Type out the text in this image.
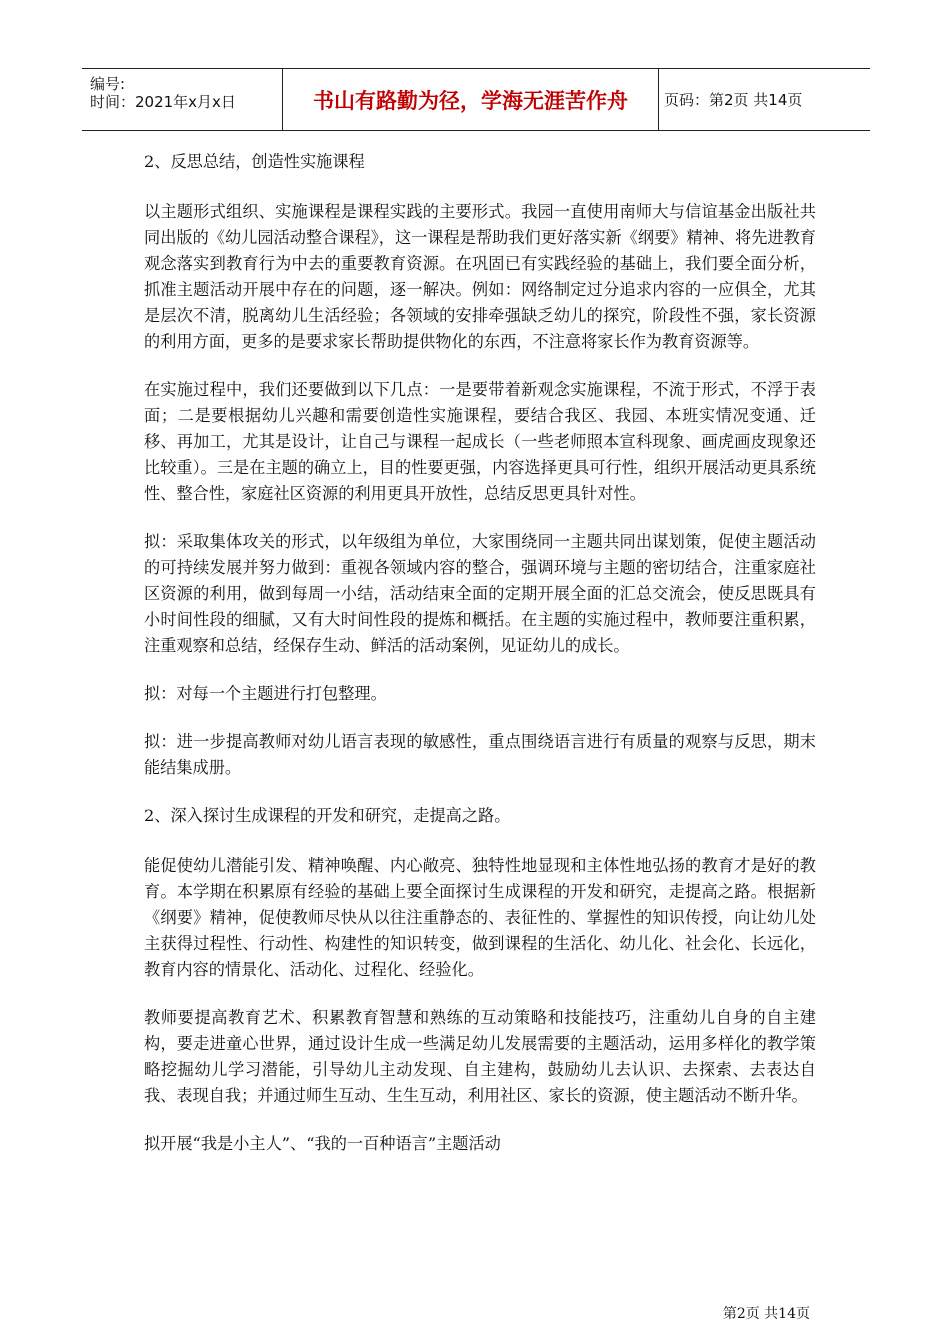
编号:
时间：2021年x月x日	书山有路勤为径，学海无涯苦作舟	页码：第2页 共14页

2、反思总结，创造性实施课程

以主题形式组织、实施课程是课程实践的主要形式。我园一直使用南师大与信谊基金出版社共同出版的《幼儿园活动整合课程》，这一课程是帮助我们更好落实新《纲要》精神、将先进教育观念落实到教育行为中去的重要教育资源。在巩固已有实践经验的基础上，我们要全面分析，抓准主题活动开展中存在的问题，逐一解决。例如：网络制定过分追求内容的一应俱全，尤其是层次不清，脱离幼儿生活经验；各领域的安排牵强缺乏幼儿的探究，阶段性不强，家长资源的利用方面，更多的是要求家长帮助提供物化的东西，不注意将家长作为教育资源等。

在实施过程中，我们还要做到以下几点：一是要带着新观念实施课程，不流于形式，不浮于表面；二是要根据幼儿兴趣和需要创造性实施课程，要结合我区、我园、本班实情况变通、迁移、再加工，尤其是设计，让自己与课程一起成长（一些老师照本宣科现象、画虎画皮现象还比较重）。三是在主题的确立上，目的性要更强，内容选择更具可行性，组织开展活动更具系统性、整合性，家庭社区资源的利用更具开放性，总结反思更具针对性。

拟：采取集体攻关的形式，以年级组为单位，大家围绕同一主题共同出谋划策，促使主题活动的可持续发展并努力做到：重视各领域内容的整合，强调环境与主题的密切结合，注重家庭社区资源的利用，做到每周一小结，活动结束全面的定期开展全面的汇总交流会，使反思既具有小时间性段的细腻，又有大时间性段的提炼和概括。在主题的实施过程中，教师要注重积累，注重观察和总结，经保存生动、鲜活的活动案例，见证幼儿的成长。

拟：对每一个主题进行打包整理。

拟：进一步提高教师对幼儿语言表现的敏感性，重点围绕语言进行有质量的观察与反思，期末能结集成册。

2、深入探讨生成课程的开发和研究，走提高之路。

能促使幼儿潜能引发、精神唤醒、内心敞亮、独特性地显现和主体性地弘扬的教育才是好的教育。本学期在积累原有经验的基础上要全面探讨生成课程的开发和研究，走提高之路。根据新《纲要》精神，促使教师尽快从以往注重静态的、表征性的、掌握性的知识传授，向让幼儿处主获得过程性、行动性、构建性的知识转变，做到课程的生活化、幼儿化、社会化、长远化，教育内容的情景化、活动化、过程化、经验化。

教师要提高教育艺术、积累教育智慧和熟练的互动策略和技能技巧，注重幼儿自身的自主建构，要走进童心世界，通过设计生成一些满足幼儿发展需要的主题活动，运用多样化的教学策略挖掘幼儿学习潜能，引导幼儿主动发现、自主建构，鼓励幼儿去认识、去探索、去表达自我、表现自我；并通过师生互动、生生互动，利用社区、家长的资源，使主题活动不断升华。

拟开展“我是小主人”、“我的一百种语言”主题活动

第2页 共14页
